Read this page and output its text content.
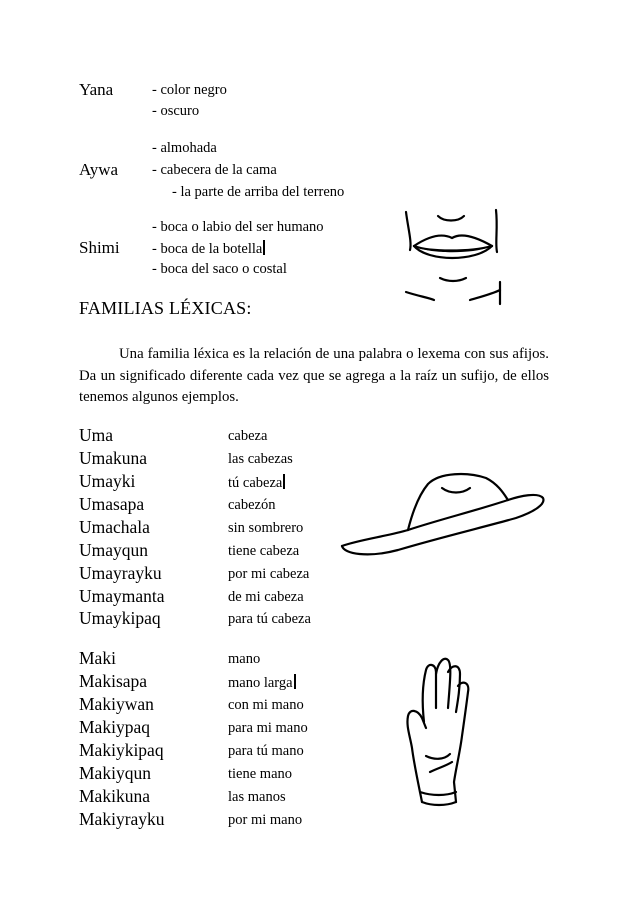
Yana	- color negro
- oscuro
- almohada
Aywa - cabecera de la cama
- la parte de arriba del terreno
- boca o labio del ser humano
Shimi - boca de la botella
- boca del saco o costal
FAMILIAS LÉXICAS:

Una familia léxica es la relación de una palabra o lexema con sus afijos. Da un significado diferente cada vez que se agrega a la raíz un sufijo, de ellos tenemos algunos ejemplos.

Uma	cabeza
Umakuna	las cabezas
Umayki	tú cabeza
Umasapa	cabezón
Umachala	sin sombrero
Umayqun	tiene cabeza
Umayrayku	por mi cabeza
Umaymanta	de mi cabeza
Umaykipaq	para tú cabeza
Maki	mano
Makisapa	mano larga
Makiywan	con mi mano
Makiypaq	para mi mano
Makiykipaq	para tú mano
Makiyqun	tiene mano
Makikuna	las manos
Makiyrayku	por mi mano
